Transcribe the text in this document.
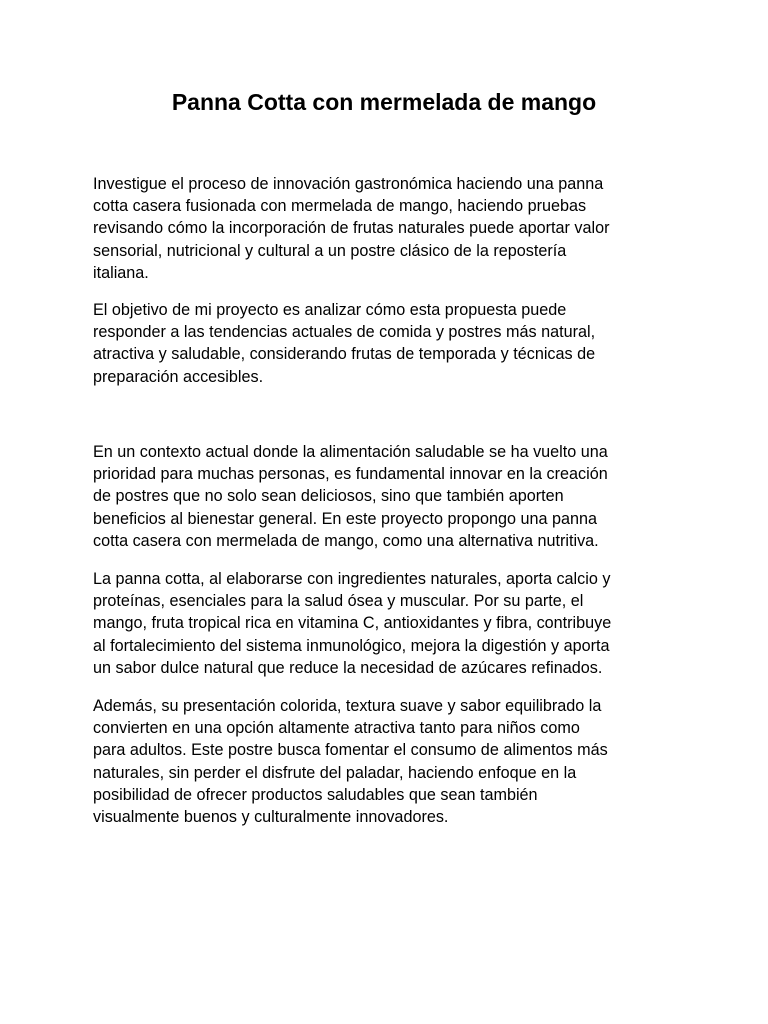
Panna Cotta con mermelada de mango

Investigue el proceso de innovación gastronómica haciendo una panna
cotta casera fusionada con mermelada de mango, haciendo pruebas
revisando cómo la incorporación de frutas naturales puede aportar valor
sensorial, nutricional y cultural a un postre clásico de la repostería
italiana.

El objetivo de mi proyecto es analizar cómo esta propuesta puede
responder a las tendencias actuales de comida y postres más natural,
atractiva y saludable, considerando frutas de temporada y técnicas de
preparación accesibles.

En un contexto actual donde la alimentación saludable se ha vuelto una
prioridad para muchas personas, es fundamental innovar en la creación
de postres que no solo sean deliciosos, sino que también aporten
beneficios al bienestar general. En este proyecto propongo una panna
cotta casera con mermelada de mango, como una alternativa nutritiva.

La panna cotta, al elaborarse con ingredientes naturales, aporta calcio y
proteínas, esenciales para la salud ósea y muscular. Por su parte, el
mango, fruta tropical rica en vitamina C, antioxidantes y fibra, contribuye
al fortalecimiento del sistema inmunológico, mejora la digestión y aporta
un sabor dulce natural que reduce la necesidad de azúcares refinados.

Además, su presentación colorida, textura suave y sabor equilibrado la
convierten en una opción altamente atractiva tanto para niños como
para adultos. Este postre busca fomentar el consumo de alimentos más
naturales, sin perder el disfrute del paladar, haciendo enfoque en la
posibilidad de ofrecer productos saludables que sean también
visualmente buenos y culturalmente innovadores.
